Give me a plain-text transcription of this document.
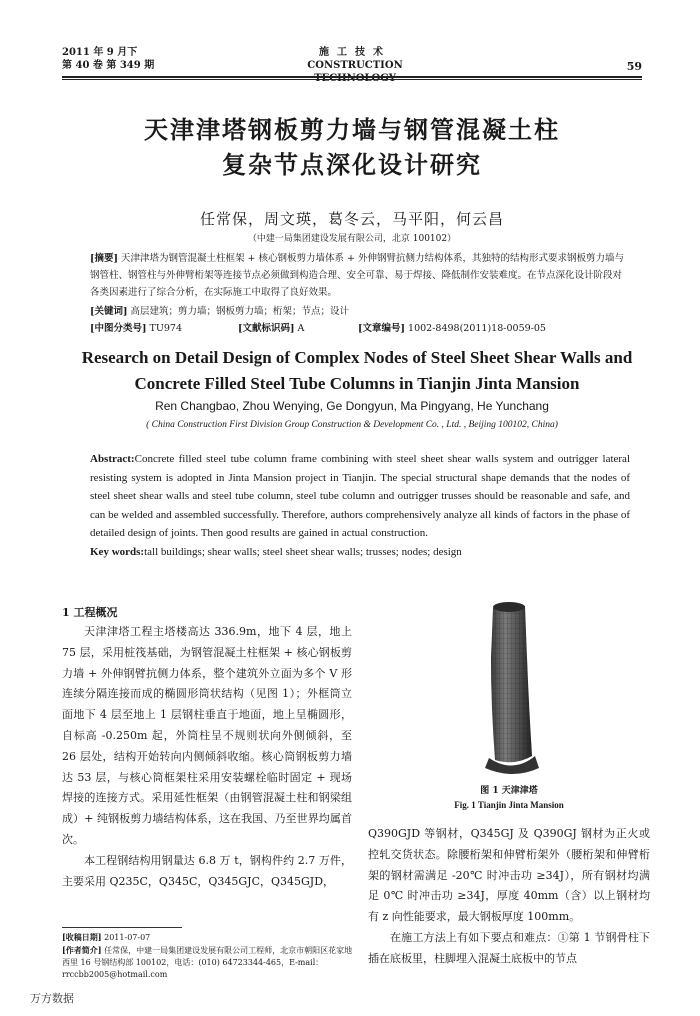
2011 年 9 月下
第 40 卷 第 349 期
施工技术
CONSTRUCTION TECHNOLOGY
59
天津津塔钢板剪力墙与钢管混凝土柱
复杂节点深化设计研究
任常保，周文瑛，葛冬云，马平阳，何云昌
（中建一局集团建设发展有限公司，北京 100102）
[摘要] 天津津塔为钢管混凝土柱框架 + 核心钢板剪力墙体系 + 外伸钢臂抗侧力结构体系，其独特的结构形式要求钢板剪力墙与钢管柱、钢管柱与外伸臂桁架等连接节点必须做到构造合理、安全可靠、易于焊接、降低制作安装难度。在节点深化设计阶段对各类因素进行了综合分析，在实际施工中取得了良好效果。
[关键词] 高层建筑；剪力墙；钢板剪力墙；桁架；节点；设计
[中图分类号] TU974	[文献标识码] A	[文章编号] 1002-8498(2011)18-0059-05
Research on Detail Design of Complex Nodes of Steel Sheet Shear Walls and
Concrete Filled Steel Tube Columns in Tianjin Jinta Mansion
Ren Changbao, Zhou Wenying, Ge Dongyun, Ma Pingyang, He Yunchang
( China Construction First Division Group Construction & Development Co. , Ltd. , Beijing 100102, China)
Abstract:Concrete filled steel tube column frame combining with steel sheet shear walls system and outrigger lateral resisting system is adopted in Jinta Mansion project in Tianjin. The special structural shape demands that the nodes of steel sheet shear walls and steel tube column, steel tube column and outrigger trusses should be reasonable and safe, and can be welded and assembled successfully. Therefore, authors comprehensively analyze all kinds of factors in the phase of detailed design of joints. Then good results are gained in actual construction.
Key words:tall buildings; shear walls; steel sheet shear walls; trusses; nodes; design
1 工程概况

天津津塔工程主塔楼高达 336.9m，地下 4 层，地上 75 层，采用桩筏基础，为钢管混凝土柱框架 + 核心钢板剪力墙 + 外伸钢臂抗侧力体系，整个建筑外立面为多个 V 形连续分隔连接而成的椭圆形筒状结构（见图 1）；外框筒立面地下 4 层至地上 1 层钢柱垂直于地面，地上呈椭圆形，自标高 -0.250m 起，外筒柱呈不规则状向外侧倾斜，至 26 层处，结构开始转向内侧倾斜收缩。核心筒钢板剪力墙达 53 层，与核心筒框架柱采用安装螺栓临时固定 + 现场焊接的连接方式。采用延性框架（由钢管混凝土柱和钢梁组成）+ 纯钢板剪力墙结构体系，这在我国、乃至世界均属首次。

本工程钢结构用钢量达 6.8 万 t，钢构件约 2.7 万件，主要采用 Q235C，Q345C，Q345GJC，Q345GJD，

图 1 天津津塔
Fig. 1 Tianjin Jinta Mansion

Q390GJD 等钢材，Q345GJ 及 Q390GJ 钢材为正火或控轧交货状态。除腰桁架和伸臂桁架外（腰桁架和伸臂桁架的钢材需满足 -20℃ 时冲击功 ≥34J），所有钢材均满足 0℃ 时冲击功 ≥34J，厚度 40mm（含）以上钢材均有 z 向性能要求，最大钢板厚度 100mm。

在施工方法上有如下要点和难点：①第 1 节钢骨柱下插在底板里，柱脚埋入混凝土底板中的节点

[收稿日期] 2011-07-07
[作者简介] 任常保，中建一局集团建设发展有限公司工程师，北京市朝阳区花家地西里 16 号钢结构部 100102，电话：(010) 64723344-465，E-mail：rrccbb2005@hotmail.com
万方数据
